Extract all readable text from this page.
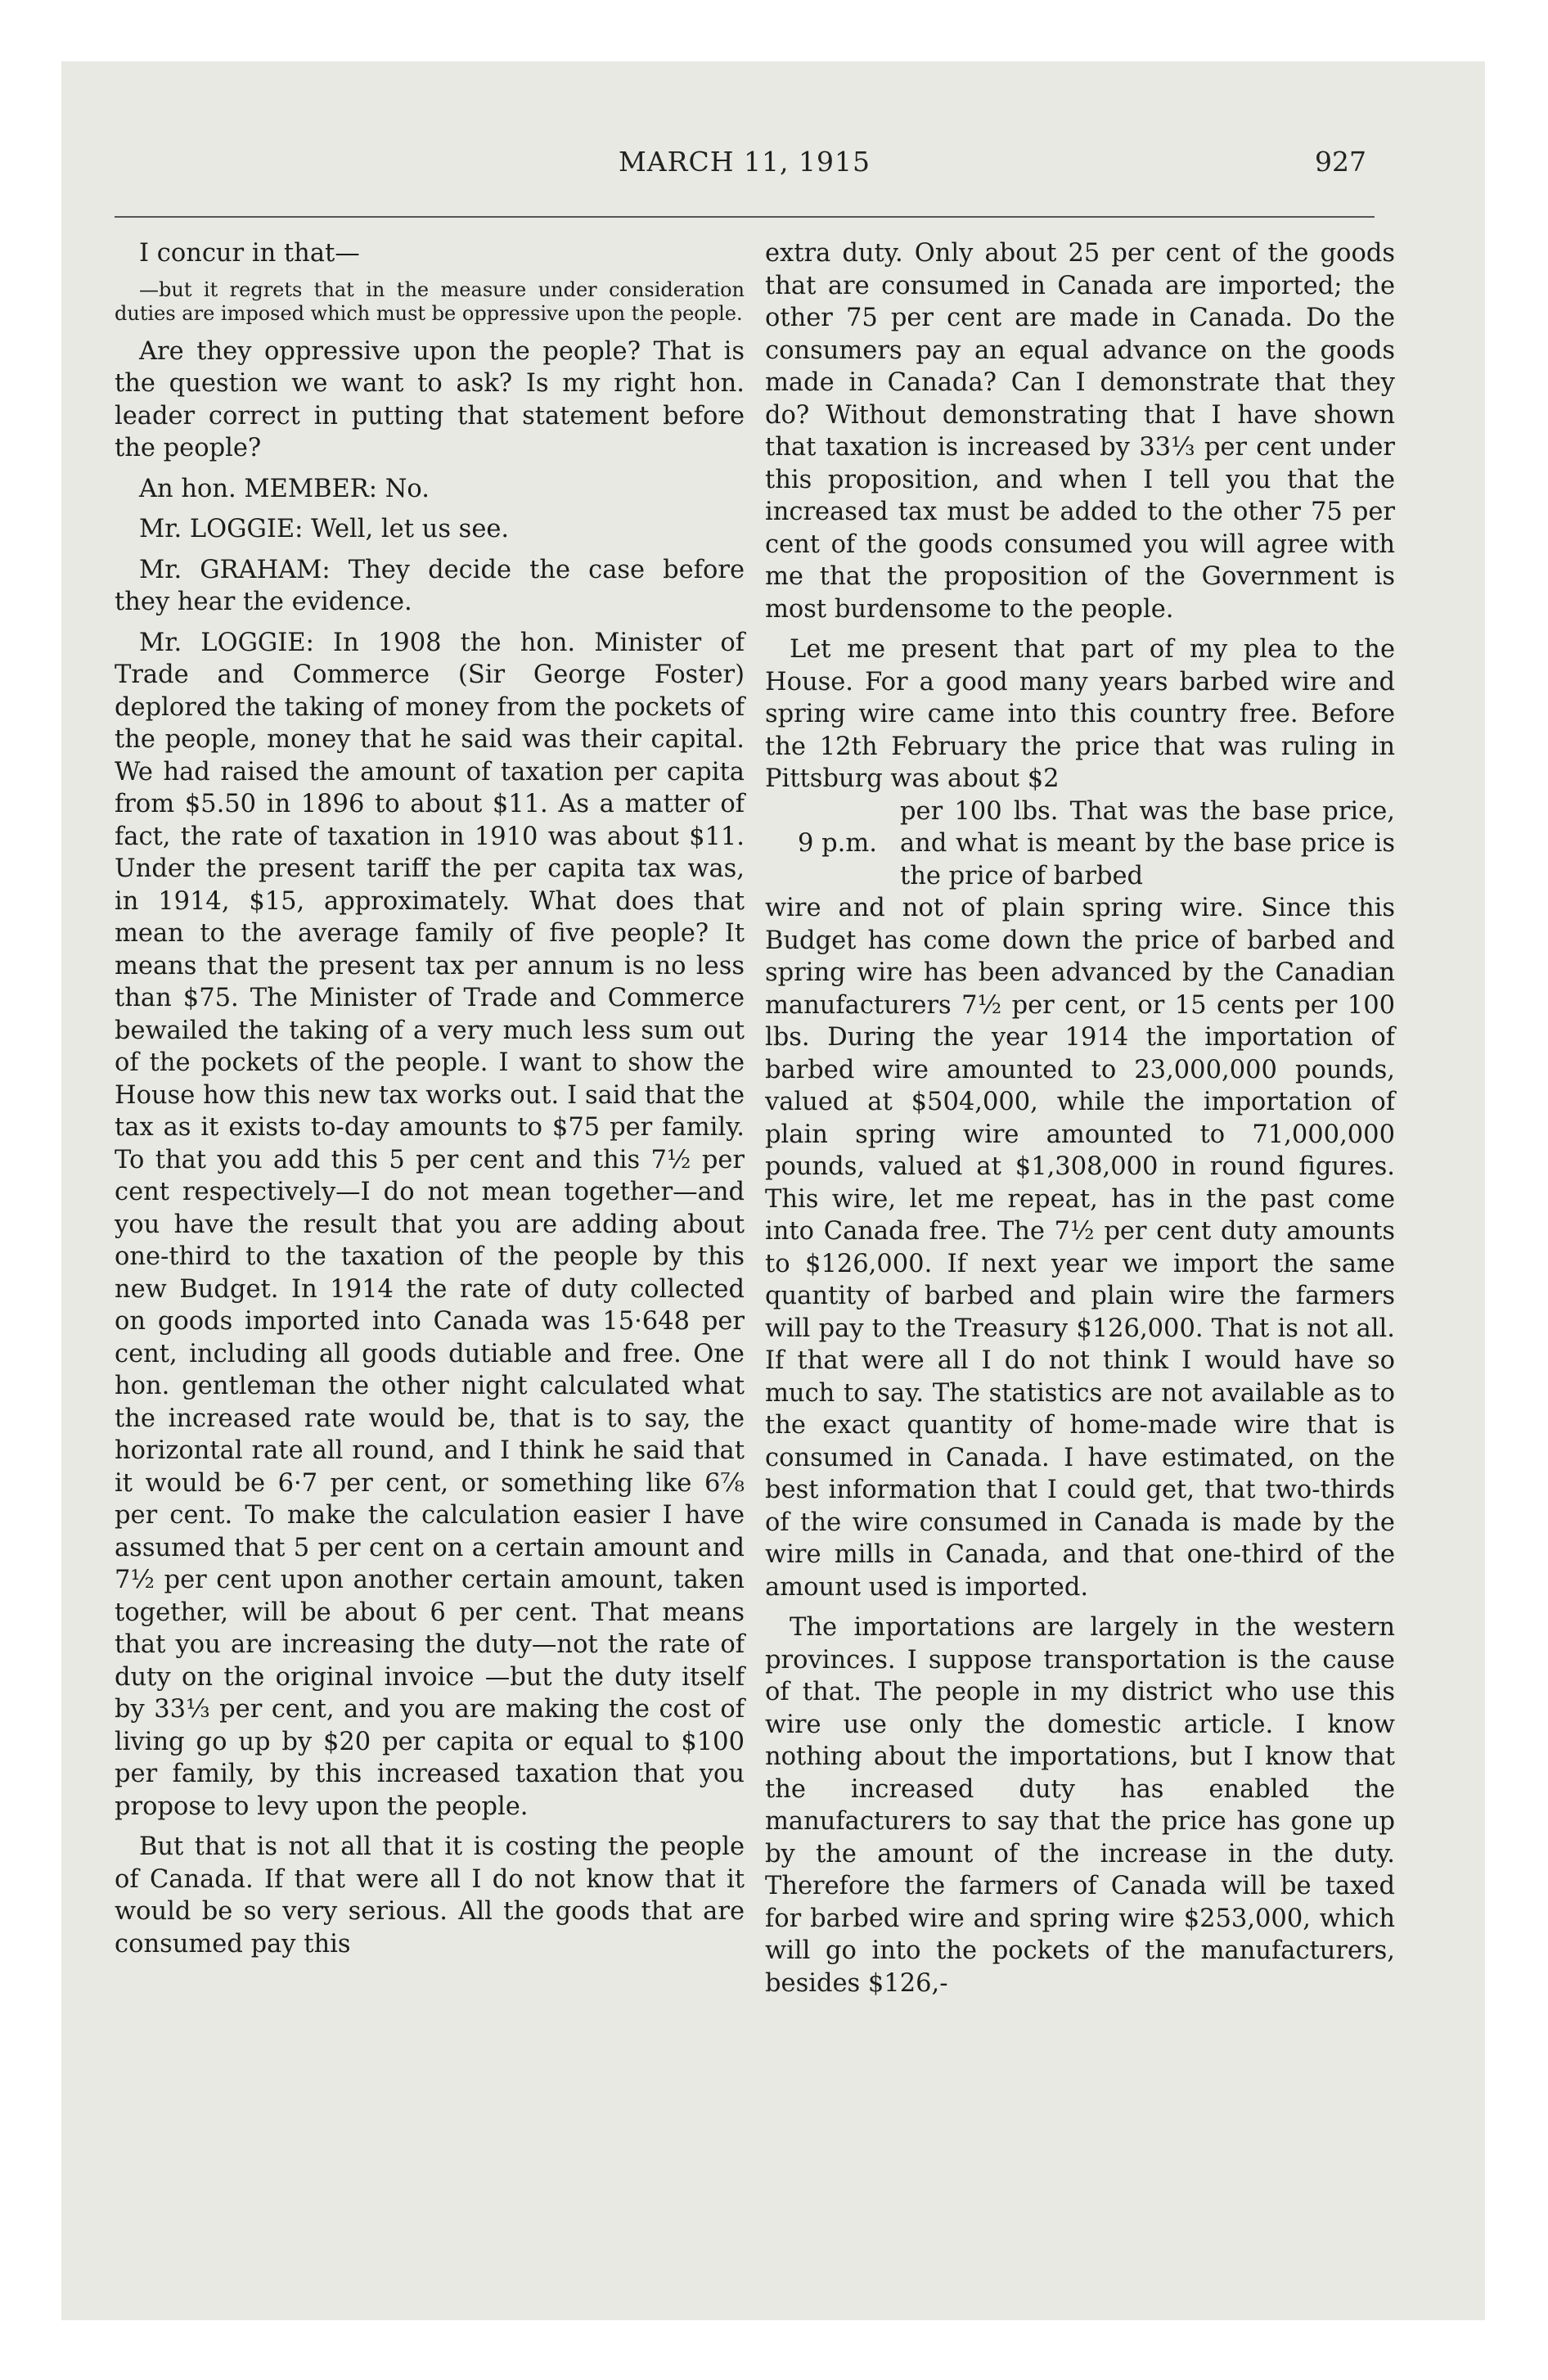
MARCH 11, 1915	927

I concur in that—

—but it regrets that in the measure under consideration duties are imposed which must be oppressive upon the people.

Are they oppressive upon the people? That is the question we want to ask? Is my right hon. leader correct in putting that statement before the people?

An hon. MEMBER: No.

Mr. LOGGIE: Well, let us see.

Mr. GRAHAM: They decide the case before they hear the evidence.

Mr. LOGGIE: In 1908 the hon. Minister of Trade and Commerce (Sir George Foster) deplored the taking of money from the pockets of the people, money that he said was their capital. We had raised the amount of taxation per capita from $5.50 in 1896 to about $11. As a matter of fact, the rate of taxation in 1910 was about $11. Under the present tariff the per capita tax was, in 1914, $15, approximately. What does that mean to the average family of five people? It means that the present tax per annum is no less than $75. The Minister of Trade and Commerce bewailed the taking of a very much less sum out of the pockets of the people. I want to show the House how this new tax works out. I said that the tax as it exists to-day amounts to $75 per family. To that you add this 5 per cent and this 7½ per cent respectively—I do not mean together—and you have the result that you are adding about one-third to the taxation of the people by this new Budget. In 1914 the rate of duty collected on goods imported into Canada was 15·648 per cent, including all goods dutiable and free. One hon. gentleman the other night calculated what the increased rate would be, that is to say, the horizontal rate all round, and I think he said that it would be 6·7 per cent, or something like 6⅞ per cent. To make the calculation easier I have assumed that 5 per cent on a certain amount and 7½ per cent upon another certain amount, taken together, will be about 6 per cent. That means that you are increasing the duty—not the rate of duty on the original invoice —but the duty itself by 33⅓ per cent, and you are making the cost of living go up by $20 per capita or equal to $100 per family, by this increased taxation that you propose to levy upon the people.

But that is not all that it is costing the people of Canada. If that were all I do not know that it would be so very serious. All the goods that are consumed pay this

extra duty. Only about 25 per cent of the goods that are consumed in Canada are imported; the other 75 per cent are made in Canada. Do the consumers pay an equal advance on the goods made in Canada? Can I demonstrate that they do? Without demonstrating that I have shown that taxation is increased by 33⅓ per cent under this proposition, and when I tell you that the increased tax must be added to the other 75 per cent of the goods consumed you will agree with me that the proposition of the Government is most burdensome to the people.

Let me present that part of my plea to the House. For a good many years barbed wire and spring wire came into this country free. Before the 12th February the price that was ruling in Pittsburg was about $2

9 p.m.

per 100 lbs. That was the base price, and what is meant by the base price is the price of barbed

wire and not of plain spring wire. Since this Budget has come down the price of barbed and spring wire has been advanced by the Canadian manufacturers 7½ per cent, or 15 cents per 100 lbs. During the year 1914 the importation of barbed wire amounted to 23,000,000 pounds, valued at $504,000, while the importation of plain spring wire amounted to 71,000,000 pounds, valued at $1,308,000 in round figures. This wire, let me repeat, has in the past come into Canada free. The 7½ per cent duty amounts to $126,000. If next year we import the same quantity of barbed and plain wire the farmers will pay to the Treasury $126,000. That is not all. If that were all I do not think I would have so much to say. The statistics are not available as to the exact quantity of home-made wire that is consumed in Canada. I have estimated, on the best information that I could get, that two-thirds of the wire consumed in Canada is made by the wire mills in Canada, and that one-third of the amount used is imported.

The importations are largely in the western provinces. I suppose transportation is the cause of that. The people in my district who use this wire use only the domestic article. I know nothing about the importations, but I know that the increased duty has enabled the manufacturers to say that the price has gone up by the amount of the increase in the duty. Therefore the farmers of Canada will be taxed for barbed wire and spring wire $253,000, which will go into the pockets of the manufacturers, besides $126,-
